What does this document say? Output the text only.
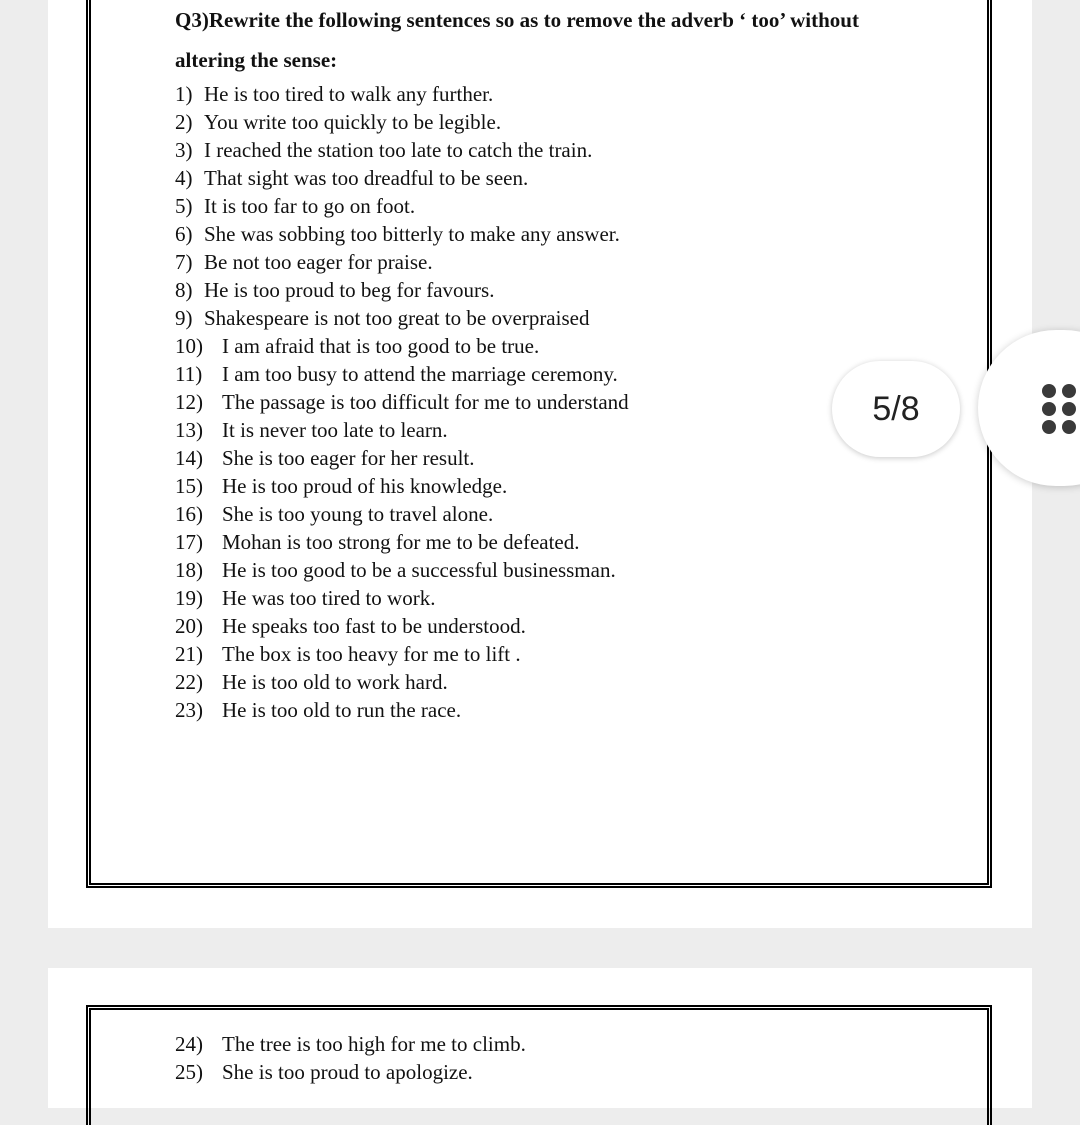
Q3)Rewrite the following sentences so as to remove the adverb ‘ too’ without altering the sense:
1) He is too tired to walk any further.
2) You write too quickly to be legible.
3) I reached the station too late to catch the train.
4) That sight was too dreadful to be seen.
5) It is too far to go on foot.
6) She was sobbing too bitterly to make any answer.
7) Be not too eager for praise.
8) He is too proud to beg for favours.
9) Shakespeare is not too great to be overpraised
10) I am afraid that is too good to be true.
11) I am too busy to attend the marriage ceremony.
12) The passage is too difficult for me to understand
13) It is never too late to learn.
14) She is too eager for her result.
15) He is too proud of his knowledge.
16) She is too young to travel alone.
17) Mohan is too strong for me to be defeated.
18) He is too good to be a successful businessman.
19) He was too tired to work.
20) He speaks too fast to be understood.
21) The box is too heavy for me to lift .
22) He is too old to work hard.
23) He is too old to run the race.
24) The tree is too high for me to climb.
25) She is too proud to apologize.
5/8
